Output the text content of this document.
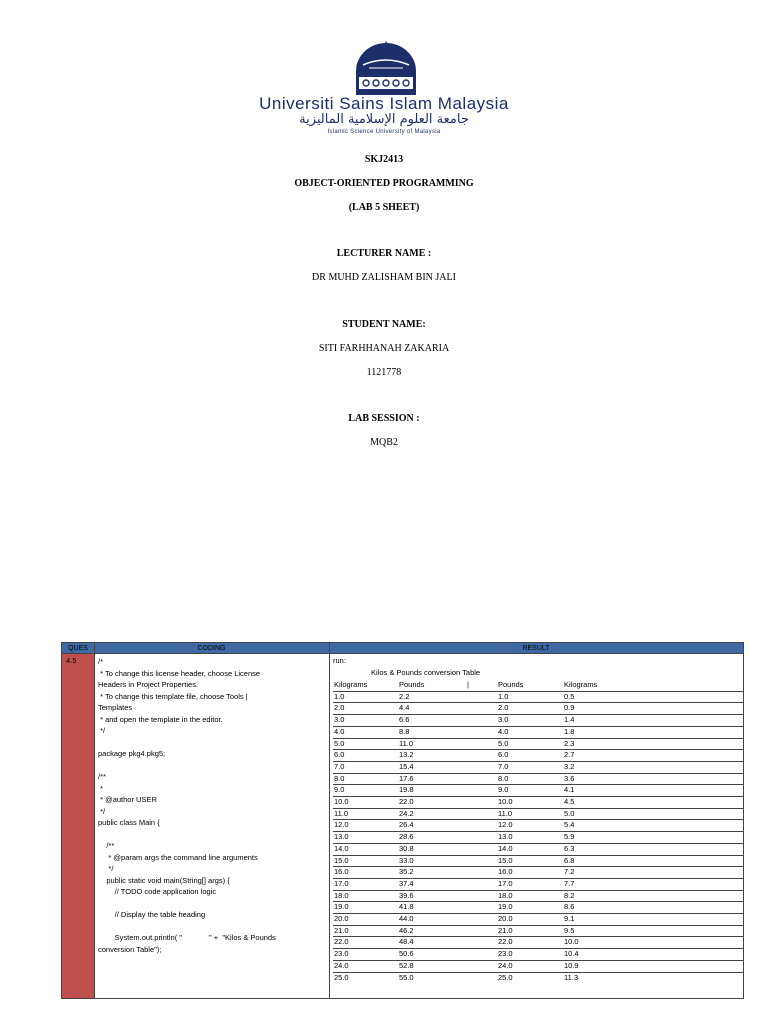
Universiti Sains Islam Malaysia
جامعة العلوم الإسلامية الماليزية
Islamic Science University of Malaysia
SKJ2413
OBJECT-ORIENTED PROGRAMMING
(LAB 5 SHEET)
LECTURER NAME :
DR MUHD ZALISHAM BIN JALI
STUDENT NAME:
SITI FARHHANAH ZAKARIA
1121778
LAB SESSION :
MQB2
QUES	CODING	RESULT
4.5	/*
* To change this license header, choose License
Headers in Project Properties.
* To change this template file, choose Tools |
Templates
* and open the template in the editor.
*/
package pkg4.pkg5;
/**
*
* @author USER
*/
public class Main {
/**
* @param args the command line arguments
*/
public static void main(String[] args) {
// TODO code application logic
// Display the table heading
System.out.println( "             " +  "Kilos & Pounds
conversion Table");
run:
Kilos & Pounds conversion Table
Kilograms	Pounds	|	Pounds	Kilograms
1.0	2.2	1.0	0.5
2.0	4.4	2.0	0.9
3.0	6.6	3.0	1.4
4.0	8.8	4.0	1.8
5.0	11.0	5.0	2.3
6.0	13.2	6.0	2.7
7.0	15.4	7.0	3.2
8.0	17.6	8.0	3.6
9.0	19.8	9.0	4.1
10.0	22.0	10.0	4.5
11.0	24.2	11.0	5.0
12.0	26.4	12.0	5.4
13.0	28.6	13.0	5.9
14.0	30.8	14.0	6.3
15.0	33.0	15.0	6.8
16.0	35.2	16.0	7.2
17.0	37.4	17.0	7.7
18.0	39.6	18.0	8.2
19.0	41.8	19.0	8.6
20.0	44.0	20.0	9.1
21.0	46.2	21.0	9.5
22.0	48.4	22.0	10.0
23.0	50.6	23.0	10.4
24.0	52.8	24.0	10.9
25.0	55.0	25.0	11.3
